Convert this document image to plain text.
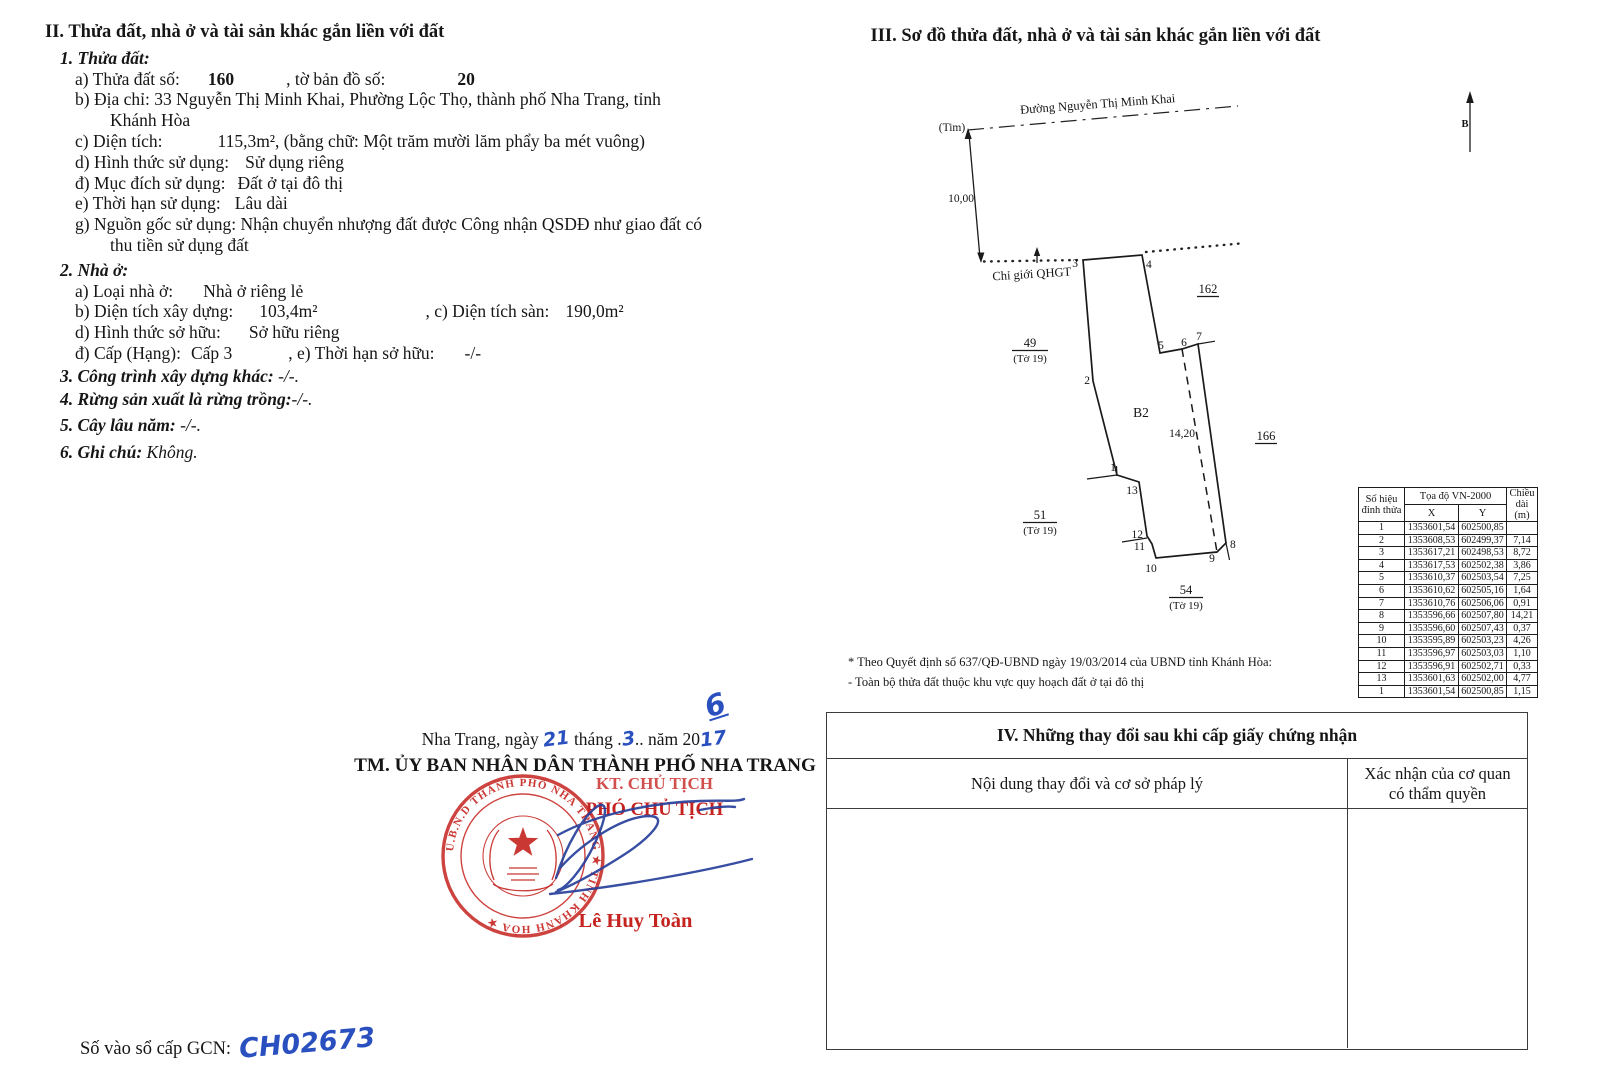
II. Thửa đất, nhà ở và tài sản khác gắn liền với đất
1. Thửa đất:
a) Thửa đất số: 160	, tờ bản đồ số:	20
b) Địa chỉ: 33 Nguyễn Thị Minh Khai, Phường Lộc Thọ, thành phố Nha Trang, tỉnh
Khánh Hòa
c) Diện tích:	115,3m², (bằng chữ: Một trăm mười lăm phẩy ba mét vuông)
d) Hình thức sử dụng: Sử dụng riêng
đ) Mục đích sử dụng: Đất ở tại đô thị
e) Thời hạn sử dụng: Lâu dài
g) Nguồn gốc sử dụng: Nhận chuyển nhượng đất được Công nhận QSDĐ như giao đất có
thu tiền sử dụng đất
2. Nhà ở:
a) Loại nhà ở: Nhà ở riêng lẻ
b) Diện tích xây dựng: 103,4m²	, c) Diện tích sàn: 190,0m²
d) Hình thức sở hữu: Sở hữu riêng
đ) Cấp (Hạng): Cấp 3	, e) Thời hạn sở hữu: -/-
3. Công trình xây dựng khác: -/-.
4. Rừng sản xuất là rừng trồng:-/-.
5. Cây lâu năm: -/-.
6. Ghi chú: Không.
III. Sơ đồ thửa đất, nhà ở và tài sản khác gắn liền với đất
Đường Nguyễn Thị Minh Khai
(Tim)
10,00
Chỉ giới QHGT
14,20
B2
1
2
3	4
5 6 7
8
9
10
11
12
13
162
166
49
(Tờ 19)
51
(Tờ 19)
54
(Tờ 19)
B
* Theo Quyết định số 637/QĐ-UBND ngày 19/03/2014 của UBND tỉnh Khánh Hòa:
- Toàn bộ thửa đất thuộc khu vực quy hoạch đất ở tại đô thị
Số hiệu
đỉnh thửa	Tọa độ VN-2000		Chiều
dài
(m)
	X	Y	
1	1353601,54	602500,85	
2	1353608,53	602499,37	7,14
3	1353617,21	602498,53	8,72
4	1353617,53	602502,38	3,86
5	1353610,37	602503,54	7,25
6	1353610,62	602505,16	1,64
7	1353610,76	602506,06	0,91
8	1353596,66	602507,80	14,21
9	1353596,60	602507,43	0,37
10	1353595,89	602503,23	4,26
11	1353596,97	602503,03	1,10
12	1353596,91	602502,71	0,33
13	1353601,63	602502,00	4,77
1	1353601,54	602500,85	1,15
IV. Những thay đổi sau khi cấp giấy chứng nhận
Nội dung thay đổi và cơ sở pháp lý
Xác nhận của cơ quan
có thẩm quyền
6
Nha Trang, ngày 21 tháng .3.. năm 2017
TM. ỦY BAN NHÂN DÂN THÀNH PHỐ NHA TRANG
KT. CHỦ TỊCH
PHÓ CHỦ TỊCH
U.B.N.D THÀNH PHỐ NHA TRANG ★ TỈNH KHÁNH HÒA ★	Lê Huy Toàn
Số vào sổ cấp GCN: CH02673
